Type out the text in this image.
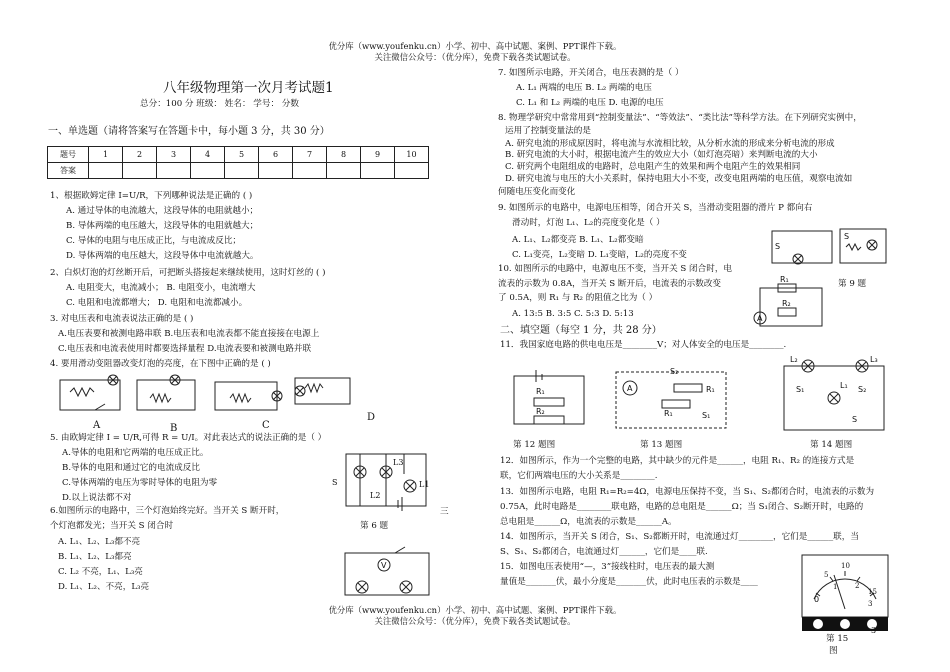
优分库（www.youfenku.cn）小学、初中、高中试题、案例、PPT课件下载。
关注微信公众号：（优分库），免费下载各类试题试卷。
八年级物理第一次月考试题1
总分：100 分 班级： 姓名： 学号： 分数
一、单选题（请将答案写在答题卡中，每小题 3 分，共 30 分）
题号	1	2	3	4	5	6	7	8	9	10
答案										
1、根据欧姆定律 I=U/R，下列哪种说法是正确的 ( )
A. 通过导体的电流越大，这段导体的电阻就越小；
B. 导体两端的电压越大，这段导体的电阻就越大；
C. 导体的电阻与电压成正比，与电流成反比；
D. 导体两端的电压越大，这段导体中电流就越大。
2、白炽灯泡的灯丝断开后，可把断头搭接起来继续使用，这时灯丝的 ( )
A. 电阻变大，电流减小； B. 电阻变小，电流增大
C. 电阻和电流都增大； D. 电阻和电流都减小。
3. 对电压表和电流表说法正确的是 ( )
A.电压表要和被测电路串联 B.电压表和电流表都不能直接接在电源上
C.电压表和电流表使用时都要选择量程 D.电流表要和被测电路并联
4. 要用滑动变阻器改变灯泡的亮度，在下图中正确的是 ( )
A	B	C
D
5. 由欧姆定律 I = U/R,可得 R = U/I。对此表达式的说法正确的是（ ）
A.导体的电阻和它两端的电压成正比。
B.导体的电阻和通过它的电流成反比
C.导体两端的电压为零时导体的电阻为零
D.以上说法都不对
L3
L2
L1
S
第 6 题
三
6.如图所示的电路中，三个灯泡始终完好。当开关 S 断开时，
个灯泡都发光；当开关 S 闭合时
A. L₁、L₂、L₃都不亮
B. L₁、L₂、L₃都亮
C. L₂ 不亮，L₁、L₃亮
D. L₁、L₂、不亮，L₃亮
V
7. 如图所示电路，开关闭合，电压表测的是（ ）
A. L₁ 两端的电压 B. L₂ 两端的电压
C. L₁ 和 L₂ 两端的电压 D. 电源的电压
8. 物理学研究中常常用到“控制变量法”、“等效法”、“类比法”等科学方法。在下列研究实例中，
运用了控制变量法的是
A. 研究电流的形成原因时，将电流与水流相比较，从分析水流的形成来分析电流的形成
B. 研究电流的大小时，根据电流产生的效应大小（如灯泡亮暗）来判断电流的大小
C. 研究两个电阻组成的电路时，总电阻产生的效果和两个电阻产生的效果相同
D. 研究电流与电压的大小关系时，保持电阻大小不变，改变电阻两端的电压值，观察电流如
何随电压变化而变化
9. 如图所示的电路中，电源电压相等，闭合开关 S，当滑动变阻器的滑片 P 都向右
滑动时，灯泡 L₁、L₂的亮度变化是（ ）
A. L₁、L₂都变亮 B. L₁、L₂都变暗
C. L₁变亮，L₂变暗 D. L₁变暗，L₂的亮度不变
S
S
第 9 题
10. 如图所示的电路中，电源电压不变，当开关 S 闭合时，电
流表的示数为 0.8A，当开关 S 断开后，电流表的示数改变
了 0.5A，则 R₁ 与 R₂ 的阻值之比为（ ）
A. 13:5 B. 3:5 C. 5:3 D. 5:13	A
R₁
R₂
二、填空题（每空 1 分，共 28 分）
11．我国家庭电路的供电电压是________V；对人体安全的电压是________.
R₁
R₂
A
S₂
R₁
R₁	S₁
L₂	L₃
S₁	L₁ S₂
S
第 12 题图	第 13 题图	第 14 题图
12．如图所示，作为一个完整的电路，其中缺少的元件是______，电阻 R₁、R₂ 的连接方式是
联，它们两端电压的大小关系是________.
13．如图所示电路，电阻 R₁=R₂=4Ω，电源电压保持不变，当 S₁、S₂都闭合时，电流表的示数为
0.75A，此时电路是________联电路，电路的总电阻是______Ω；当 S₁闭合、S₂断开时，电路的
总电阻是______Ω，电流表的示数是______A。
14．如图所示，当开关 S 闭合，S₁、S₂都断开时，电流通过灯________，它们是______联，当
S、S₁、S₂都闭合，电流通过灯______，它们是____联.
15．如图电压表使用“—，3”接线柱时，电压表的最大测
量值是_______伏，最小分度是_______伏，此时电压表的示数是____
0
5
10
15
3
2
1
3
第 15
图
优分库（www.youfenku.cn）小学、初中、高中试题、案例、PPT课件下载。
关注微信公众号：（优分库），免费下载各类试题试卷。
